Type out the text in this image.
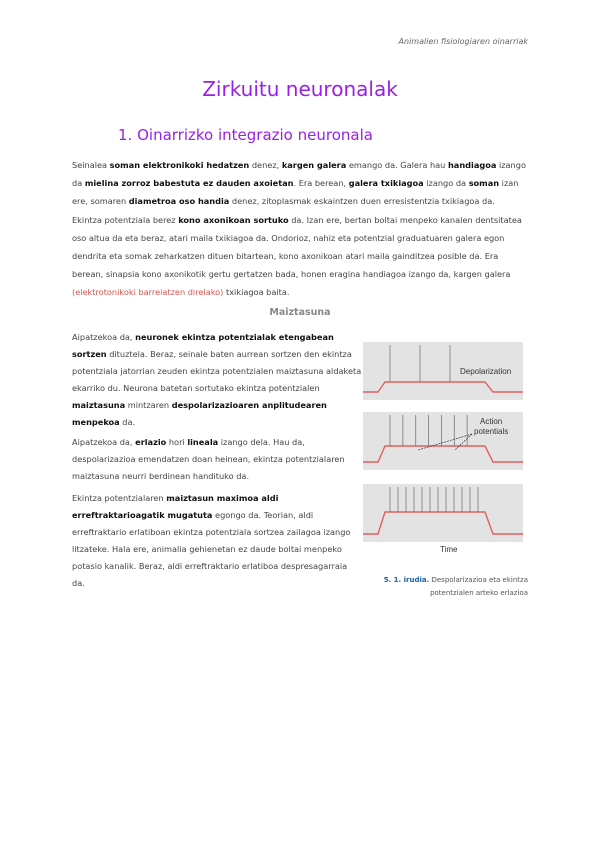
Animalien fisiologiaren oinarriak
Zirkuitu neuronalak
1. Oinarrizko integrazio neuronala
Seinalea soman elektronikoki hedatzen denez, kargen galera emango da. Galera hau handiagoa izango da mielina zorroz babestuta ez dauden axoietan. Era berean, galera txikiagoa izango da soman izan ere, somaren diametroa oso handia denez, zitoplasmak eskaintzen duen erresistentzia txikiagoa da.
Ekintza potentziala berez kono axonikoan sortuko da. Izan ere, bertan boltai menpeko kanalen dentsitatea oso altua da eta beraz, atari maila txikiagoa da. Ondorioz, nahiz eta potentzial graduatuaren galera egon dendrita eta somak zeharkatzen dituen bitartean, kono axonikoan atari maila gainditzea posible da. Era berean, sinapsia kono axonikotik gertu gertatzen bada, honen eragina handiagoa izango da, kargen galera (elektrotonikoki barreiatzen direlako) txikiagoa baita.
Maiztasuna
Aipatzekoa da, neuronek ekintza potentzialak etengabean sortzen dituztela. Beraz, seinale baten aurrean sortzen den ekintza potentziala jatorrian zeuden ekintza potentzialen maiztasuna aldaketa ekarriko du. Neurona batetan sortutako ekintza potentzialen maiztasuna mintzaren despolarizazioaren anplitudearen menpekoa da.
Aipatzekoa da, erlazio hori lineala izango dela. Hau da, despolarizazioa emendatzen doan heinean, ekintza potentzialaren maiztasuna neurri berdinean handituko da.
Ekintza potentzialaren maiztasun maximoa aldi erreftraktarioagatik mugatuta egongo da. Teorian, aldi erreftraktario erlatiboan ekintza potentziala sortzea zailagoa izango litzateke. Hala ere, animalia gehienetan ez daude boltai menpeko potasio kanalik. Beraz, aldi erreftraktario erlatiboa despresagarraia da.
Depolarization
Action
potentials
Time
5. 1. irudia. Despolarizazioa eta ekintza potentzialen arteko erlazioa
